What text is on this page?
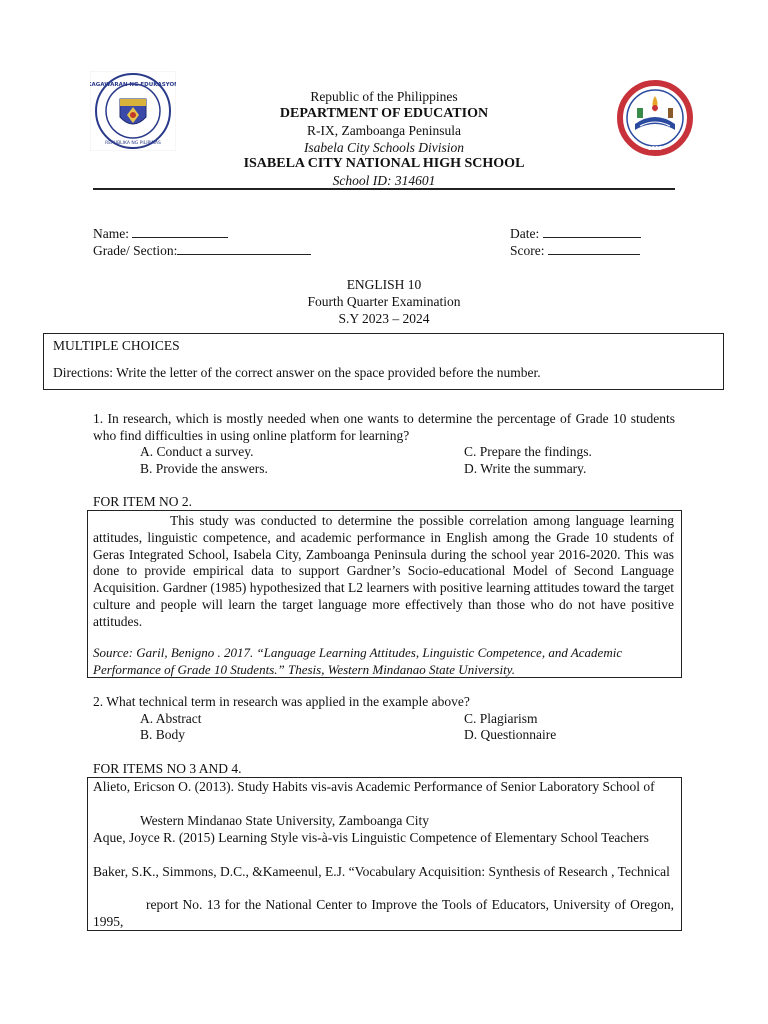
KAGAWARAN NG EDUKASYON
REPUBLIKA NG PILIPINAS
2008
Republic of the Philippines
DEPARTMENT OF EDUCATION
R-IX, Zamboanga Peninsula
Isabela City Schools Division
ISABELA CITY NATIONAL HIGH SCHOOL
School ID: 314601
Name:
Grade/ Section:
Date:
Score:
ENGLISH 10
Fourth Quarter Examination
S.Y 2023 – 2024
MULTIPLE CHOICES
Directions: Write the letter of the correct answer on the space provided before the number.
1. In research, which is mostly needed when one wants to determine the percentage of Grade 10 students who find difficulties in using online platform for learning?
A. Conduct a survey.
B. Provide the answers.
C. Prepare the findings.
D. Write the summary.
FOR ITEM NO 2.
This study was conducted to determine the possible correlation among language learning attitudes, linguistic competence, and academic performance in English among the Grade 10 students of Geras Integrated School, Isabela City, Zamboanga Peninsula during the school year 2016-2020. This was done to provide empirical data to support Gardner’s Socio-educational Model of Second Language Acquisition. Gardner (1985) hypothesized that L2 learners with positive learning attitudes toward the target culture and people will learn the target language more effectively than those who do not have positive attitudes.
Source: Garil, Benigno . 2017. “Language Learning Attitudes, Linguistic Competence, and Academic Performance of Grade 10 Students.” Thesis, Western Mindanao State University.
2. What technical term in research was applied in the example above?
A. Abstract
B. Body
C. Plagiarism
D. Questionnaire
FOR ITEMS NO 3 AND 4.
Alieto, Ericson O. (2013). Study Habits vis-avis Academic Performance of Senior Laboratory School of
Western Mindanao State University, Zamboanga City
Aque, Joyce R. (2015) Learning Style vis-à-vis Linguistic Competence of Elementary School Teachers
Baker, S.K., Simmons, D.C., &Kameenul, E.J. “Vocabulary Acquisition: Synthesis of Research , Technical
report No. 13 for the National Center to Improve the Tools of Educators, University of Oregon, 1995,
